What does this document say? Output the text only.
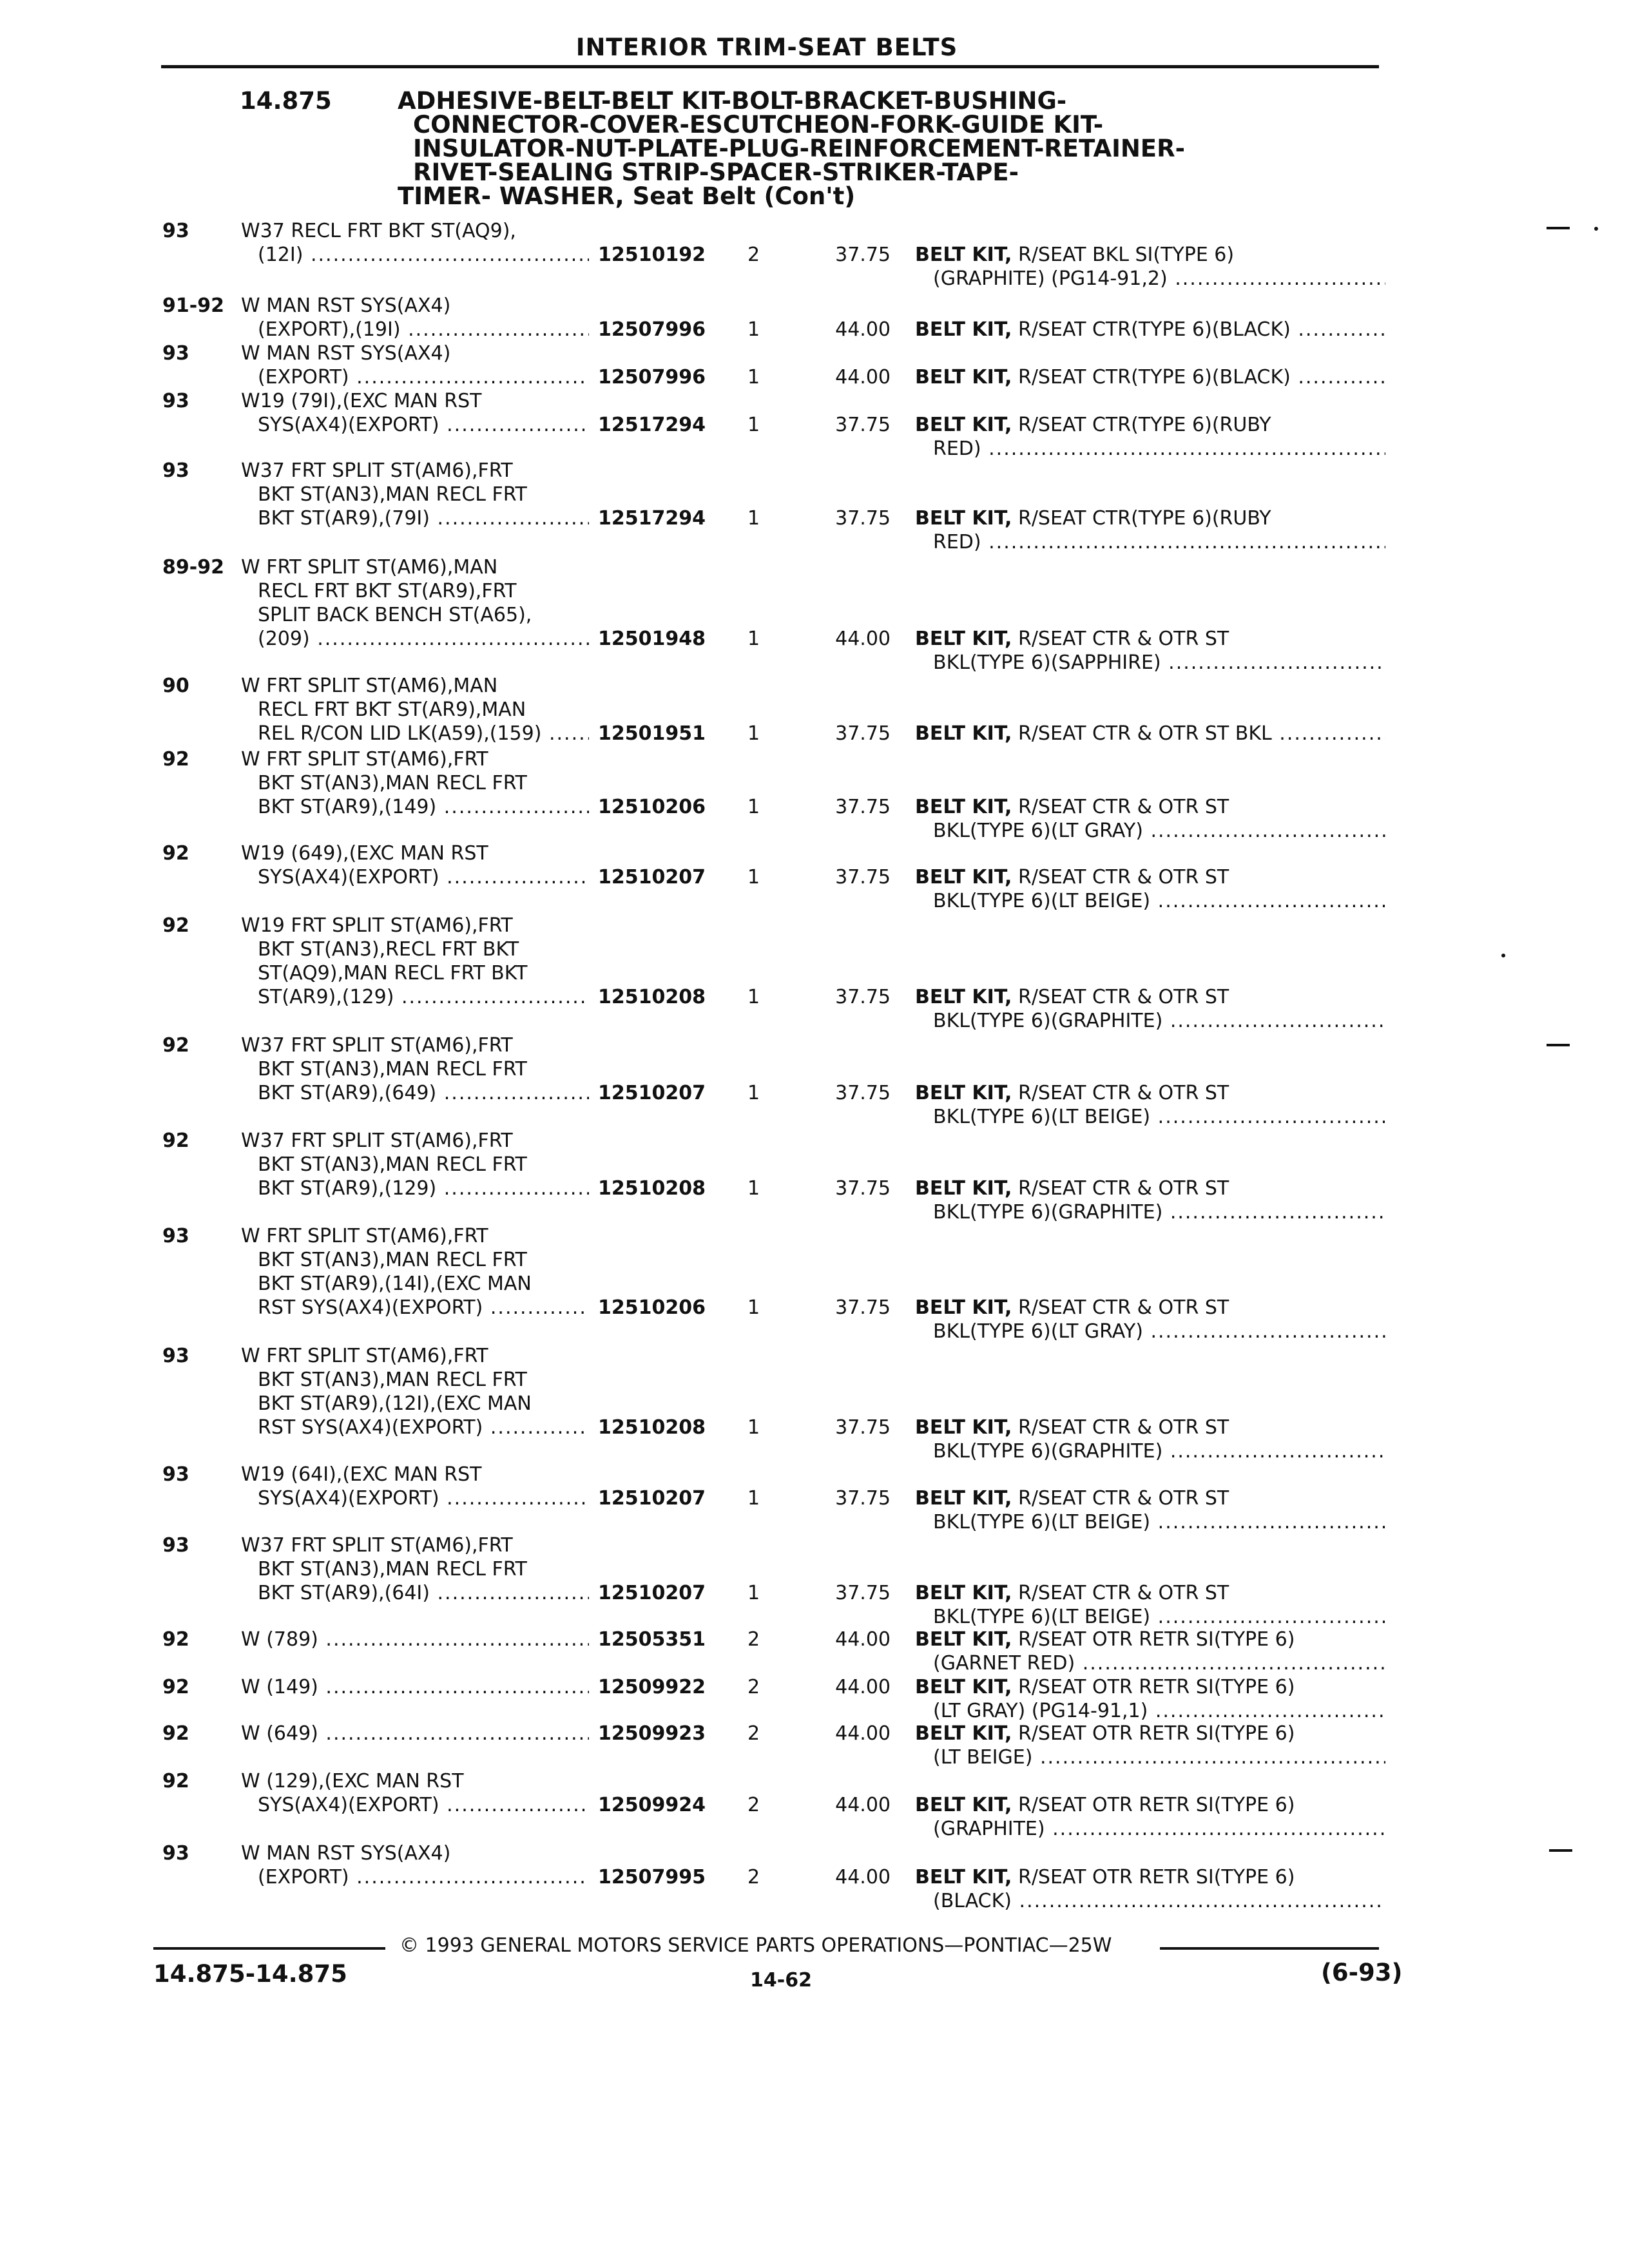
INTERIOR TRIM-SEAT BELTS
14.875	ADHESIVE-BELT-BELT KIT-BOLT-BRACKET-BUSHING-
CONNECTOR-COVER-ESCUTCHEON-FORK-GUIDE KIT-
INSULATOR-NUT-PLATE-PLUG-REINFORCEMENT-RETAINER-
RIVET-SEALING STRIP-SPACER-STRIKER-TAPE-
TIMER- WASHER, Seat Belt (Con't)
93	W37 RECL FRT BKT ST(AQ9),
(12I) .....	12510192 2	37.75 BELT KIT, R/SEAT BKL SI(TYPE 6)
(GRAPHITE) (PG14-91,2) .....
91-92 W MAN RST SYS(AX4)
(EXPORT),(19I) .....	12507996 1	44.00 BELT KIT, R/SEAT CTR(TYPE 6)(BLACK) .....
93	W MAN RST SYS(AX4)
(EXPORT) .....	12507996 1	44.00 BELT KIT, R/SEAT CTR(TYPE 6)(BLACK) .....
93	W19 (79I),(EXC MAN RST
SYS(AX4)(EXPORT) .....	12517294 1	37.75 BELT KIT, R/SEAT CTR(TYPE 6)(RUBY
RED) .....
93	W37 FRT SPLIT ST(AM6),FRT
BKT ST(AN3),MAN RECL FRT
BKT ST(AR9),(79I) .....	12517294 1	37.75 BELT KIT, R/SEAT CTR(TYPE 6)(RUBY
RED) .....
89-92 W FRT SPLIT ST(AM6),MAN
RECL FRT BKT ST(AR9),FRT
SPLIT BACK BENCH ST(A65),
(209) .....	12501948 1	44.00 BELT KIT, R/SEAT CTR & OTR ST
BKL(TYPE 6)(SAPPHIRE) .....
90	W FRT SPLIT ST(AM6),MAN
RECL FRT BKT ST(AR9),MAN
REL R/CON LID LK(A59),(159) .....	12501951 1	37.75 BELT KIT, R/SEAT CTR & OTR ST BKL .....
92	W FRT SPLIT ST(AM6),FRT
BKT ST(AN3),MAN RECL FRT
BKT ST(AR9),(149) .....	12510206 1	37.75 BELT KIT, R/SEAT CTR & OTR ST
BKL(TYPE 6)(LT GRAY) .....
92	W19 (649),(EXC MAN RST
SYS(AX4)(EXPORT) .....	12510207 1	37.75 BELT KIT, R/SEAT CTR & OTR ST
BKL(TYPE 6)(LT BEIGE) .....
92	W19 FRT SPLIT ST(AM6),FRT
BKT ST(AN3),RECL FRT BKT
ST(AQ9),MAN RECL FRT BKT
ST(AR9),(129) .....	12510208 1	37.75 BELT KIT, R/SEAT CTR & OTR ST
BKL(TYPE 6)(GRAPHITE) .....
92	W37 FRT SPLIT ST(AM6),FRT
BKT ST(AN3),MAN RECL FRT
BKT ST(AR9),(649) .....	12510207 1	37.75 BELT KIT, R/SEAT CTR & OTR ST
BKL(TYPE 6)(LT BEIGE) .....
92	W37 FRT SPLIT ST(AM6),FRT
BKT ST(AN3),MAN RECL FRT
BKT ST(AR9),(129) .....	12510208 1	37.75 BELT KIT, R/SEAT CTR & OTR ST
BKL(TYPE 6)(GRAPHITE) .....
93	W FRT SPLIT ST(AM6),FRT
BKT ST(AN3),MAN RECL FRT
BKT ST(AR9),(14I),(EXC MAN
RST SYS(AX4)(EXPORT) .....	12510206 1	37.75 BELT KIT, R/SEAT CTR & OTR ST
BKL(TYPE 6)(LT GRAY) .....
93	W FRT SPLIT ST(AM6),FRT
BKT ST(AN3),MAN RECL FRT
BKT ST(AR9),(12I),(EXC MAN
RST SYS(AX4)(EXPORT) .....	12510208 1	37.75 BELT KIT, R/SEAT CTR & OTR ST
BKL(TYPE 6)(GRAPHITE) .....
93	W19 (64I),(EXC MAN RST
SYS(AX4)(EXPORT) .....	12510207 1	37.75 BELT KIT, R/SEAT CTR & OTR ST
BKL(TYPE 6)(LT BEIGE) .....
93	W37 FRT SPLIT ST(AM6),FRT
BKT ST(AN3),MAN RECL FRT
BKT ST(AR9),(64I) .....	12510207 1	37.75 BELT KIT, R/SEAT CTR & OTR ST
BKL(TYPE 6)(LT BEIGE) .....
92	W (789) .....	12505351 2	44.00 BELT KIT, R/SEAT OTR RETR SI(TYPE 6)
(GARNET RED) .....
92	W (149) .....	12509922 2	44.00 BELT KIT, R/SEAT OTR RETR SI(TYPE 6)
(LT GRAY) (PG14-91,1) .....
92	W (649) .....	12509923 2	44.00 BELT KIT, R/SEAT OTR RETR SI(TYPE 6)
(LT BEIGE) .....
92	W (129),(EXC MAN RST
SYS(AX4)(EXPORT) .....	12509924 2	44.00 BELT KIT, R/SEAT OTR RETR SI(TYPE 6)
(GRAPHITE) .....
93	W MAN RST SYS(AX4)
(EXPORT) .....	12507995 2	44.00 BELT KIT, R/SEAT OTR RETR SI(TYPE 6)
(BLACK) .....
© 1993 GENERAL MOTORS SERVICE PARTS OPERATIONS—PONTIAC—25W
14.875-14.875	14-62	(6-93)
